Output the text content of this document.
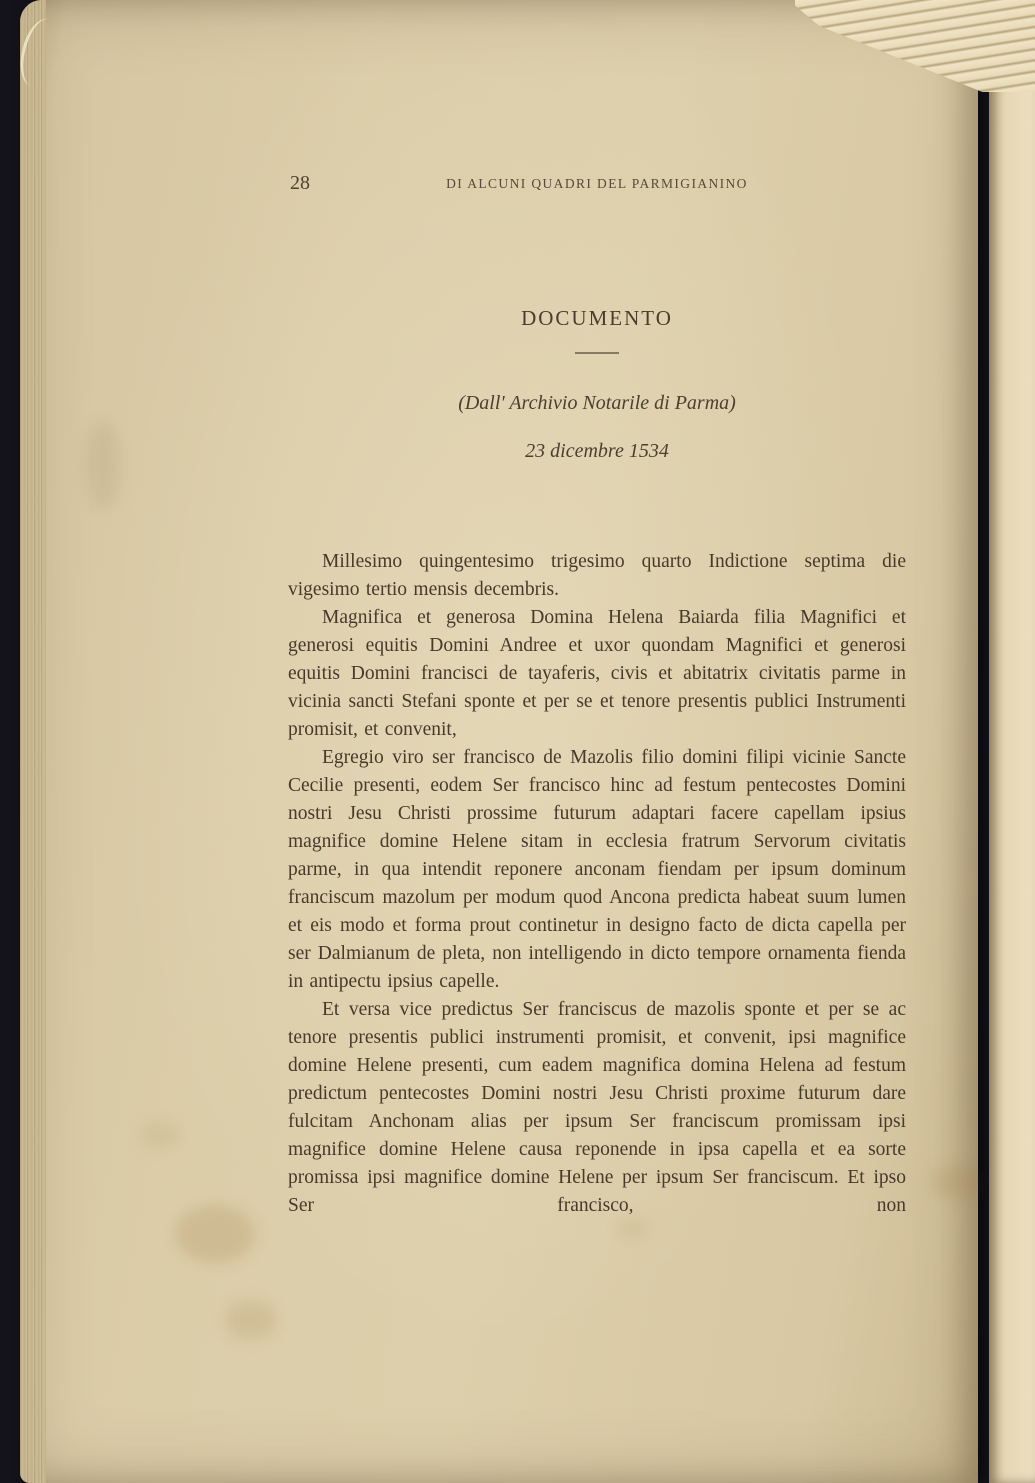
28	DI ALCUNI QUADRI DEL PARMIGIANINO
DOCUMENTO
(Dall' Archivio Notarile di Parma)
23 dicembre 1534

Millesimo quingentesimo trigesimo quarto Indictione septima die vigesimo tertio mensis decembris.

Magnifica et generosa Domina Helena Baiarda filia Magnifici et generosi equitis Domini Andree et uxor quondam Magnifici et generosi equitis Domini francisci de tayaferis, civis et abitatrix civitatis parme in vicinia sancti Stefani sponte et per se et tenore presentis publici Instrumenti promisit, et convenit,

Egregio viro ser francisco de Mazolis filio domini filipi vicinie Sancte Cecilie presenti, eodem Ser francisco hinc ad festum pentecostes Domini nostri Jesu Christi prossime futurum adaptari facere capellam ipsius magnifice domine Helene sitam in ecclesia fratrum Servorum civitatis parme, in qua intendit reponere anconam fiendam per ipsum dominum franciscum mazolum per modum quod Ancona predicta habeat suum lumen et eis modo et forma prout continetur in designo facto de dicta capella per ser Dalmianum de pleta, non intelligendo in dicto tempore ornamenta fienda in antipectu ipsius capelle.

Et versa vice predictus Ser franciscus de mazolis sponte et per se ac tenore presentis publici instrumenti promisit, et convenit, ipsi magnifice domine Helene presenti, cum eadem magnifica domina Helena ad festum predictum pentecostes Domini nostri Jesu Christi proxime futurum dare fulcitam Anchonam alias per ipsum Ser franciscum promissam ipsi magnifice domine Helene causa reponende in ipsa capella et ea sorte promissa ipsi magnifice domine Helene per ipsum Ser franciscum. Et ipso Ser francisco, non
